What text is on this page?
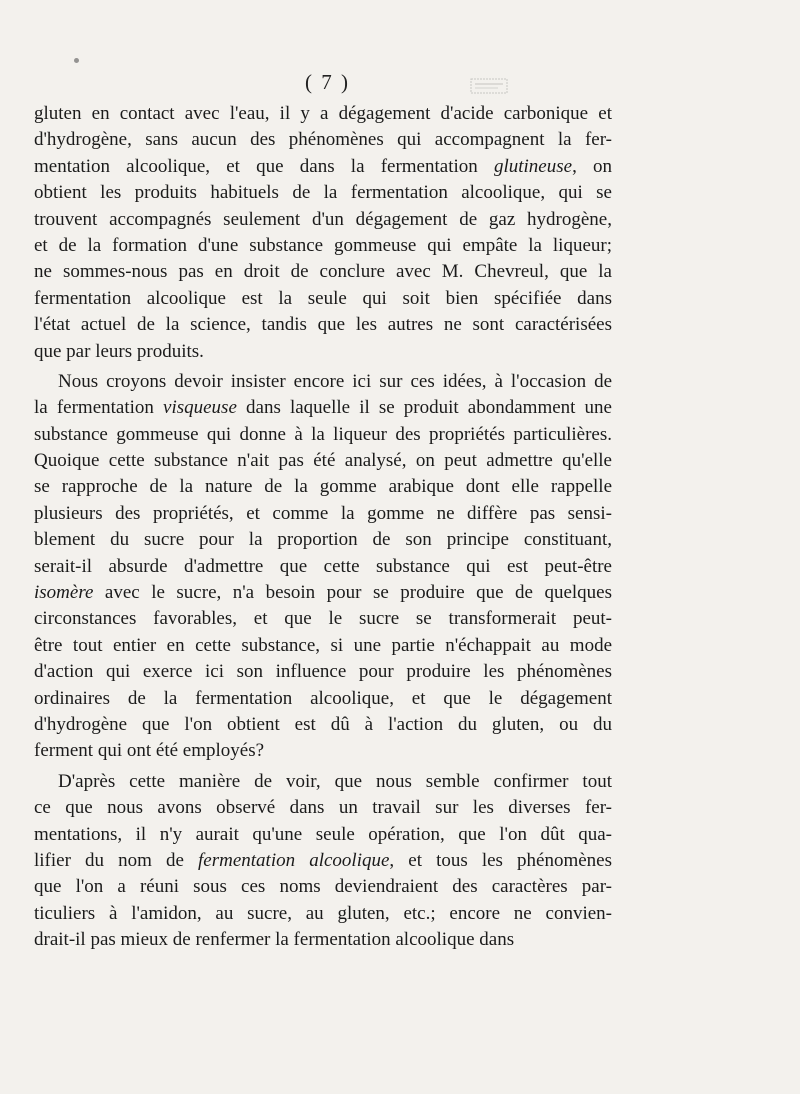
( 7 )
gluten en contact avec l'eau, il y a dégagement d'acide carbonique et
d'hydrogène, sans aucun des phénomènes qui accompagnent la fer-
mentation alcoolique, et que dans la fermentation glutineuse, on
obtient les produits habituels de la fermentation alcoolique, qui se
trouvent accompagnés seulement d'un dégagement de gaz hydrogène,
et de la formation d'une substance gommeuse qui empâte la liqueur;
ne sommes-nous pas en droit de conclure avec M. Chevreul, que la
fermentation alcoolique est la seule qui soit bien spécifiée dans
l'état actuel de la science, tandis que les autres ne sont caractérisées
que par leurs produits.
Nous croyons devoir insister encore ici sur ces idées, à l'occasion de
la fermentation visqueuse dans laquelle il se produit abondamment une
substance gommeuse qui donne à la liqueur des propriétés particulières.
Quoique cette substance n'ait pas été analysé, on peut admettre qu'elle
se rapproche de la nature de la gomme arabique dont elle rappelle
plusieurs des propriétés, et comme la gomme ne diffère pas sensi-
blement du sucre pour la proportion de son principe constituant,
serait-il absurde d'admettre que cette substance qui est peut-être
isomère avec le sucre, n'a besoin pour se produire que de quelques
circonstances favorables, et que le sucre se transformerait peut-
être tout entier en cette substance, si une partie n'échappait au mode
d'action qui exerce ici son influence pour produire les phénomènes
ordinaires de la fermentation alcoolique, et que le dégagement
d'hydrogène que l'on obtient est dû à l'action du gluten, ou du
ferment qui ont été employés?
D'après cette manière de voir, que nous semble confirmer tout
ce que nous avons observé dans un travail sur les diverses fer-
mentations, il n'y aurait qu'une seule opération, que l'on dût qua-
lifier du nom de fermentation alcoolique, et tous les phénomènes
que l'on a réuni sous ces noms deviendraient des caractères par-
ticuliers à l'amidon, au sucre, au gluten, etc.; encore ne convien-
drait-il pas mieux de renfermer la fermentation alcoolique dans
